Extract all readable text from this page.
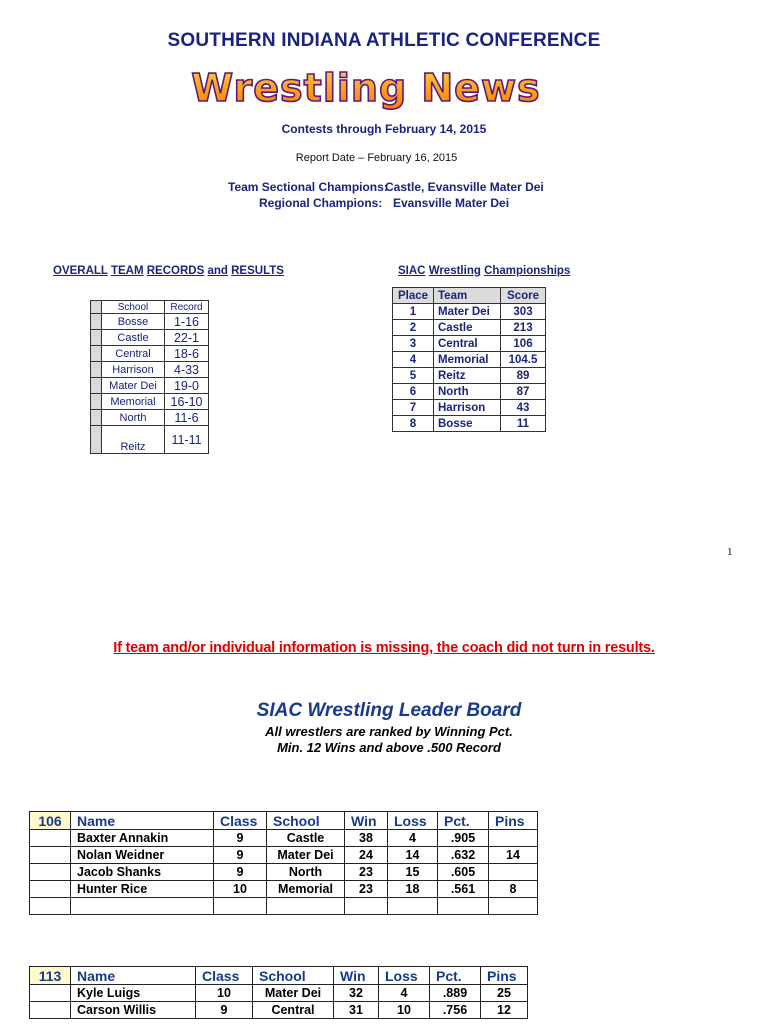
SOUTHERN INDIANA ATHLETIC CONFERENCE
Wrestling News
Contests through February 14, 2015
Report Date – February 16, 2015
Team Sectional Champions:
Castle, Evansville Mater Dei
Regional Champions: Evansville Mater Dei
OVERALL TEAM RECORDS and RESULTS
	School	Record
	Bosse	1-16
	Castle	22-1
	Central	18-6
	Harrison	4-33
	Mater Dei	19-0
	Memorial	16-10
	North	11-6
	Reitz	11-11
SIAC Wrestling Championships
Place	Team	Score
1	Mater Dei	303
2	Castle	213
3	Central	106
4	Memorial	104.5
5	Reitz	89
6	North	87
7	Harrison	43
8	Bosse	11
1
If team and/or individual information is missing, the coach did not turn in results.
SIAC Wrestling Leader Board
All wrestlers are ranked by Winning Pct.
Min. 12 Wins and above .500 Record
106	Name	Class	School	Win	Loss	Pct.	Pins
	Baxter Annakin	9	Castle	38	4	.905	
	Nolan Weidner	9	Mater Dei	24	14	.632	14
	Jacob Shanks	9	North	23	15	.605	
	Hunter Rice	10	Memorial	23	18	.561	8

113	Name	Class	School	Win	Loss	Pct.	Pins
	Kyle Luigs	10	Mater Dei	32	4	.889	25
	Carson Willis	9	Central	31	10	.756	12
